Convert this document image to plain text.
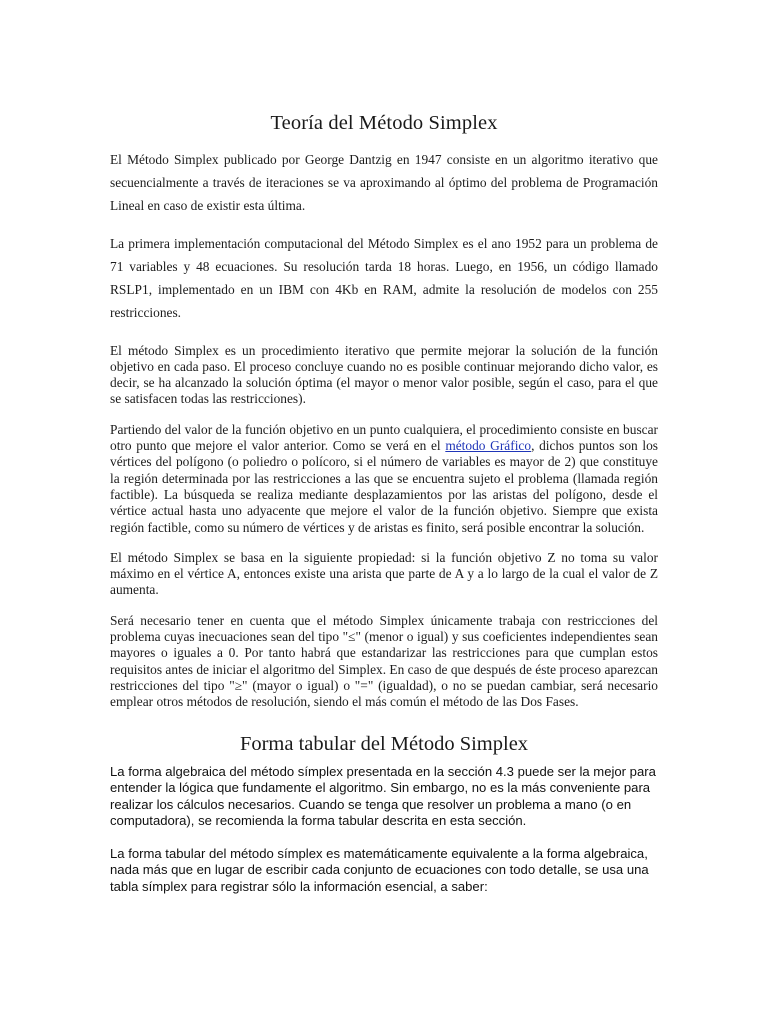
Teoría del Método Simplex

El Método Simplex publicado por George Dantzig en 1947 consiste en un algoritmo iterativo que secuencialmente a través de iteraciones se va aproximando al óptimo del problema de Programación Lineal en caso de existir esta última.

La primera implementación computacional del Método Simplex es el ano 1952 para un problema de 71 variables y 48 ecuaciones. Su resolución tarda 18 horas. Luego, en 1956, un código llamado RSLP1, implementado en un IBM con 4Kb en RAM, admite la resolución de modelos con 255 restricciones.

El método Simplex es un procedimiento iterativo que permite mejorar la solución de la función objetivo en cada paso. El proceso concluye cuando no es posible continuar mejorando dicho valor, es decir, se ha alcanzado la solución óptima (el mayor o menor valor posible, según el caso, para el que se satisfacen todas las restricciones).

Partiendo del valor de la función objetivo en un punto cualquiera, el procedimiento consiste en buscar otro punto que mejore el valor anterior. Como se verá en el método Gráfico, dichos puntos son los vértices del polígono (o poliedro o polícoro, si el número de variables es mayor de 2) que constituye la región determinada por las restricciones a las que se encuentra sujeto el problema (llamada región factible). La búsqueda se realiza mediante desplazamientos por las aristas del polígono, desde el vértice actual hasta uno adyacente que mejore el valor de la función objetivo. Siempre que exista región factible, como su número de vértices y de aristas es finito, será posible encontrar la solución.

El método Simplex se basa en la siguiente propiedad: si la función objetivo Z no toma su valor máximo en el vértice A, entonces existe una arista que parte de A y a lo largo de la cual el valor de Z aumenta.

Será necesario tener en cuenta que el método Simplex únicamente trabaja con restricciones del problema cuyas inecuaciones sean del tipo "≤" (menor o igual) y sus coeficientes independientes sean mayores o iguales a 0. Por tanto habrá que estandarizar las restricciones para que cumplan estos requisitos antes de iniciar el algoritmo del Simplex. En caso de que después de éste proceso aparezcan restricciones del tipo "≥" (mayor o igual) o "=" (igualdad), o no se puedan cambiar, será necesario emplear otros métodos de resolución, siendo el más común el método de las Dos Fases.

Forma tabular del Método Simplex

La forma algebraica del método símplex presentada en la sección 4.3 puede ser la mejor para entender la lógica que fundamente el algoritmo. Sin embargo, no es la más conveniente para realizar los cálculos necesarios. Cuando se tenga que resolver un problema a mano (o en computadora), se recomienda la forma tabular descrita en esta sección.

La forma tabular del método símplex es matemáticamente equivalente a la forma algebraica, nada más que en lugar de escribir cada conjunto de ecuaciones con todo detalle, se usa una tabla símplex para registrar sólo la información esencial, a saber:
